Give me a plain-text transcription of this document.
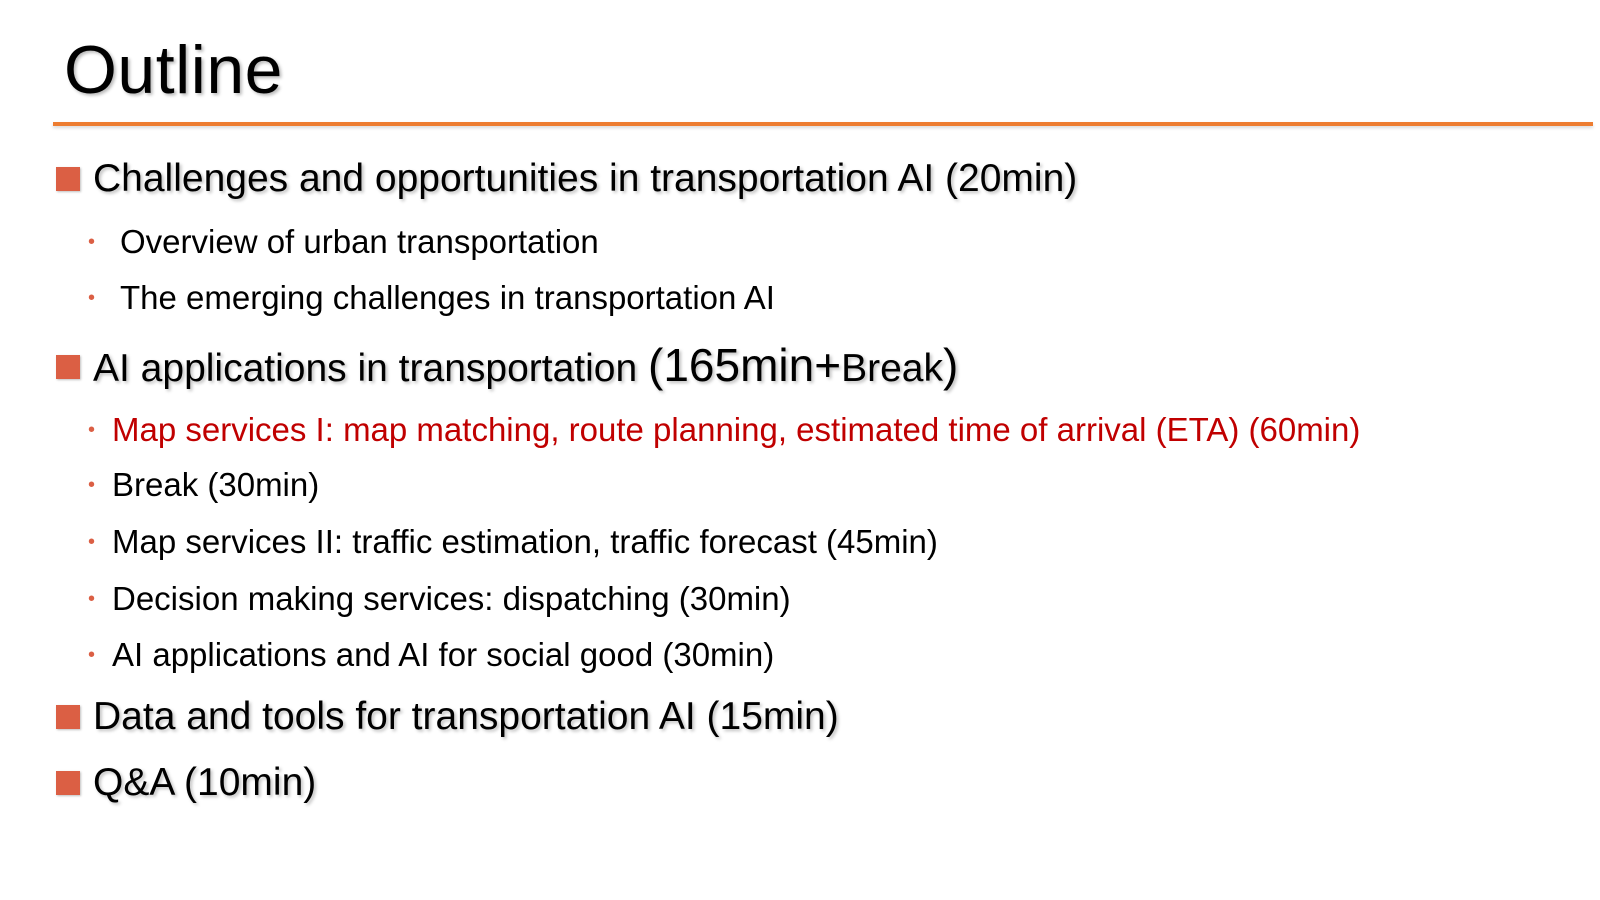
Outline
Challenges and opportunities in transportation AI (20min)
• Overview of urban transportation
• The emerging challenges in transportation AI
AI applications in transportation (165min+Break)
• Map services I: map matching, route planning, estimated time of arrival (ETA) (60min)
• Break (30min)
• Map services II: traffic estimation, traffic forecast (45min)
• Decision making services: dispatching (30min)
• AI applications and AI for social good (30min)
Data and tools for transportation AI (15min)
Q&A (10min)
